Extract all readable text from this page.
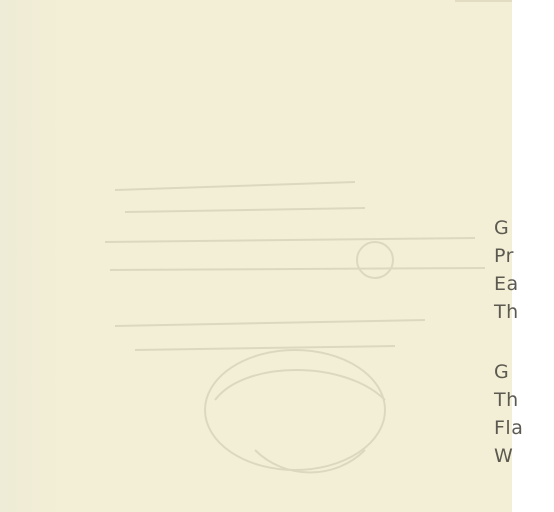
G
Pr
Ea
Th
G
Th
Fla
W
